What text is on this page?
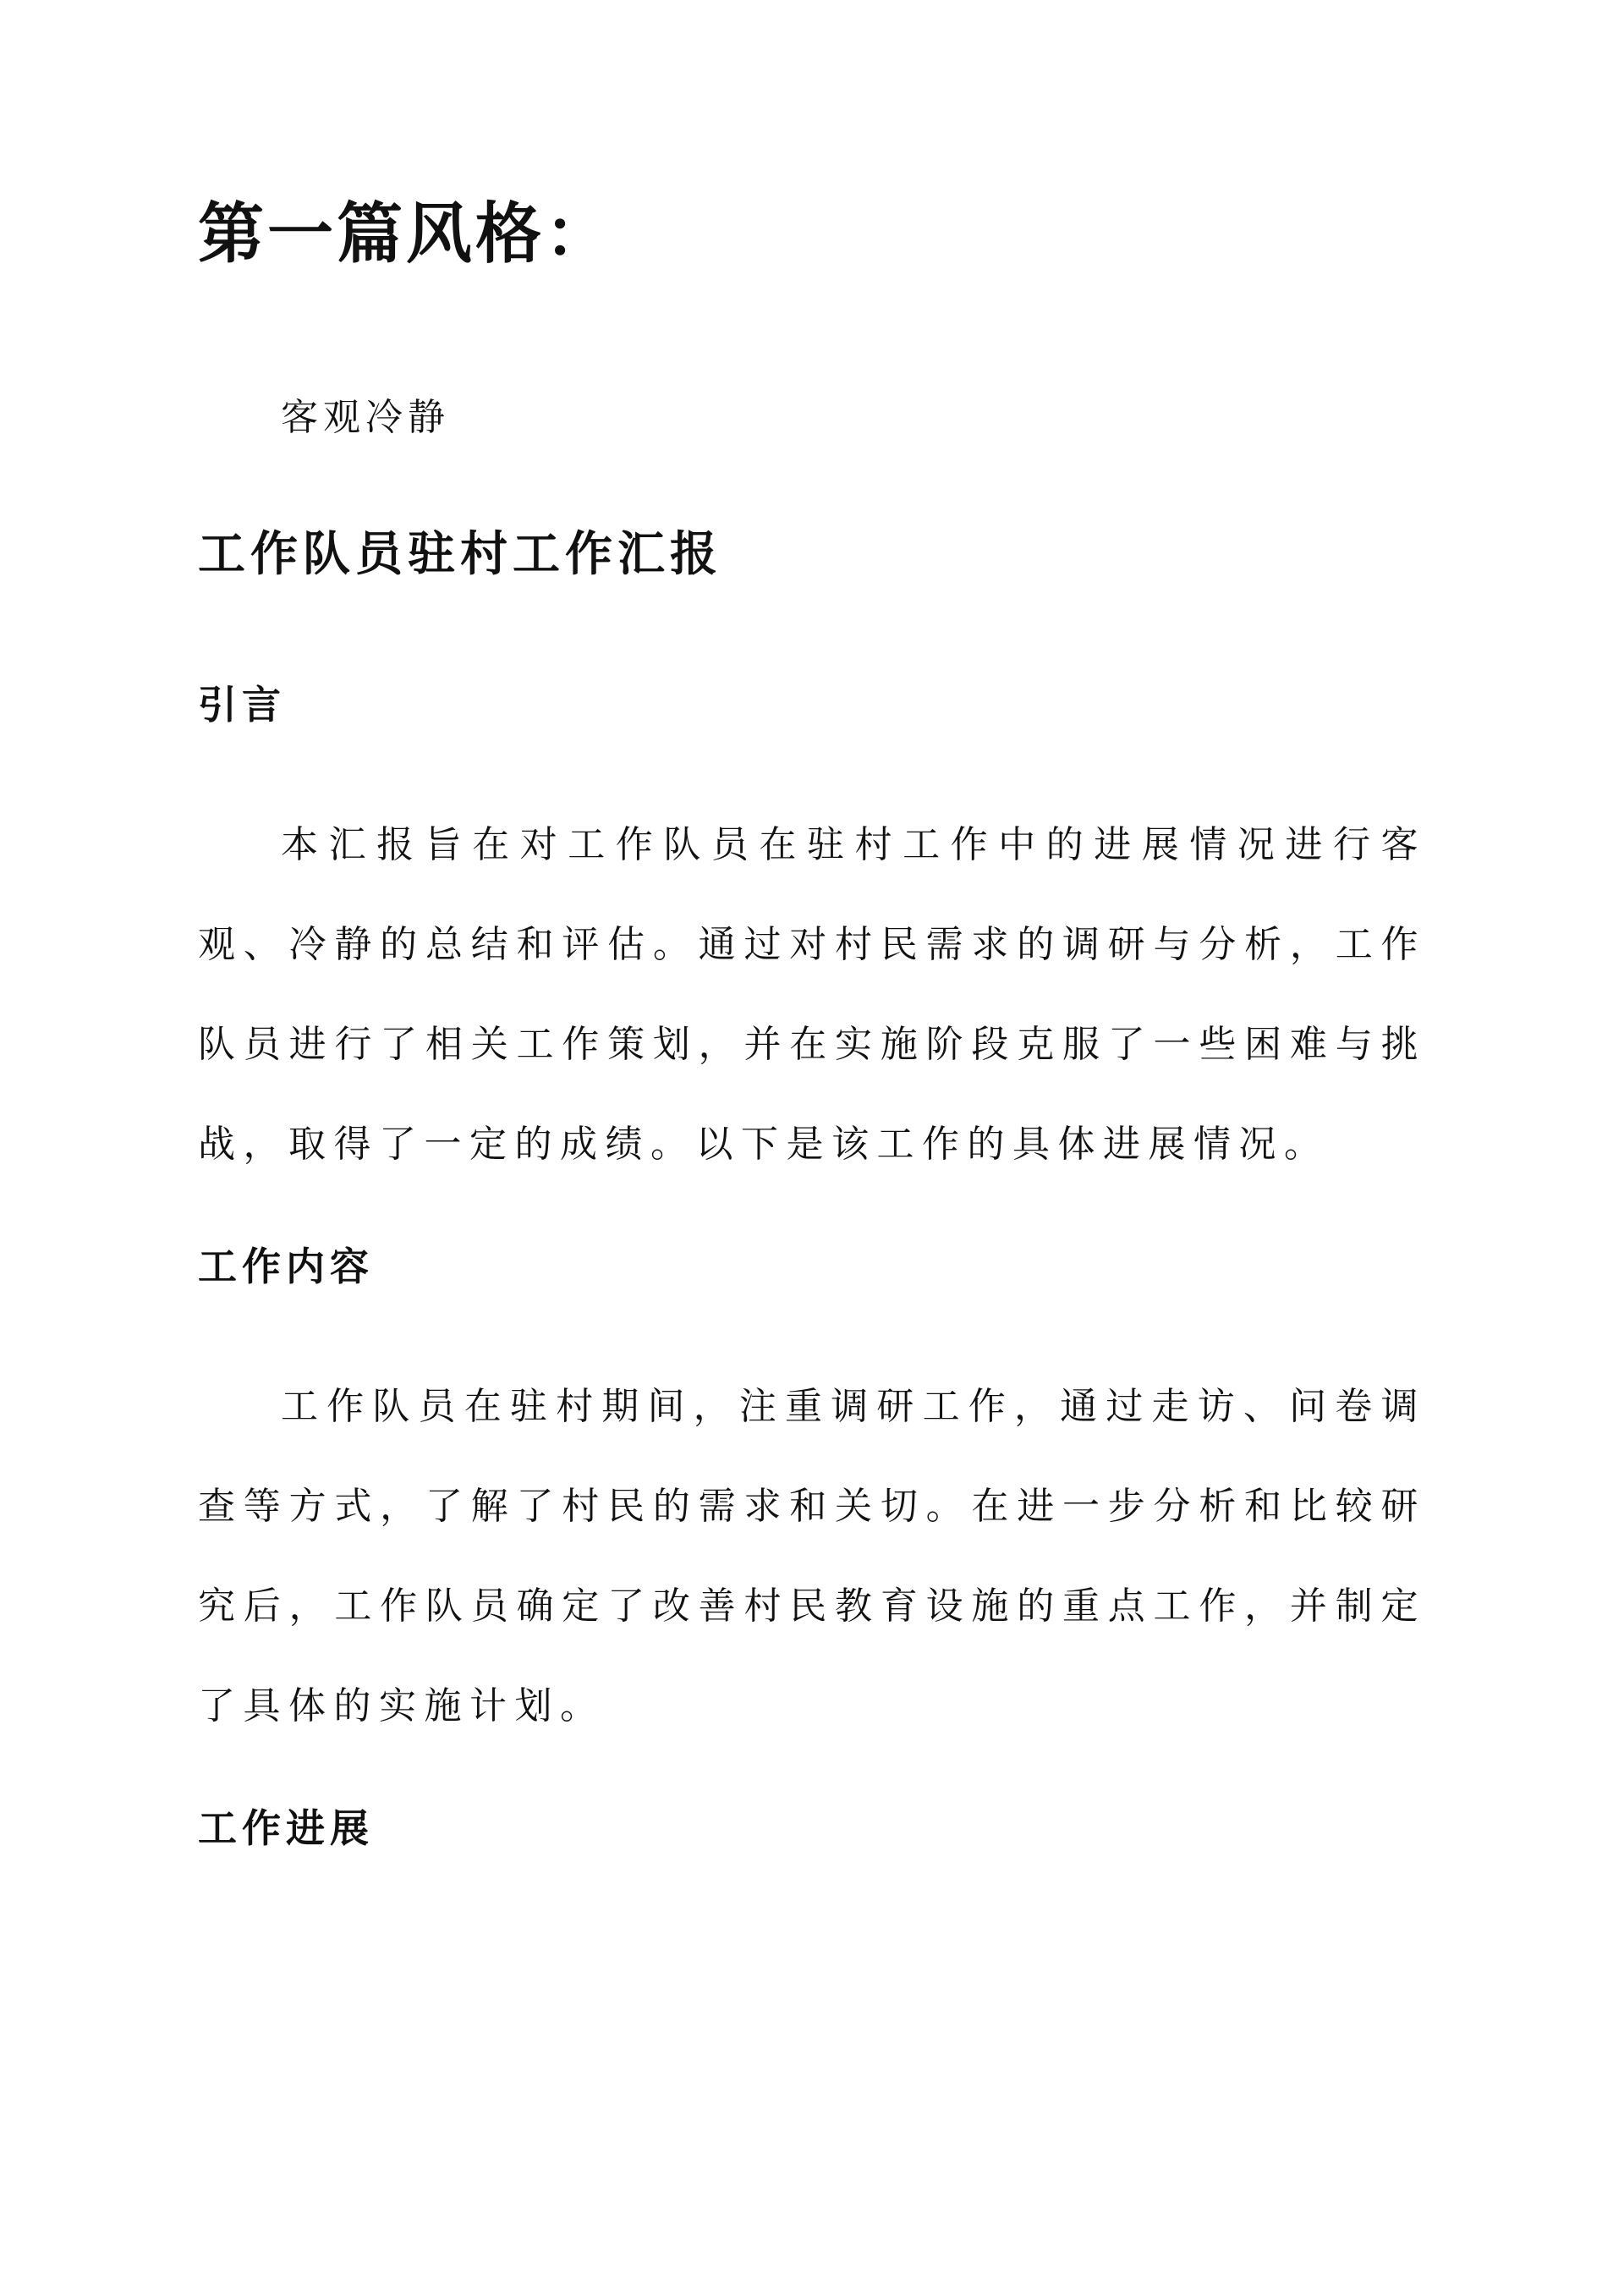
第一篇风格：

客观冷静

工作队员驻村工作汇报
引言

本汇报旨在对工作队员在驻村工作中的进展情况进行客观、冷静的总结和评估。通过对村民需求的调研与分析，工作队员进行了相关工作策划，并在实施阶段克服了一些困难与挑战，取得了一定的成绩。以下是该工作的具体进展情况。

工作内容

工作队员在驻村期间，注重调研工作，通过走访、问卷调查等方式，了解了村民的需求和关切。在进一步分析和比较研究后，工作队员确定了改善村民教育设施的重点工作，并制定了具体的实施计划。

工作进展
